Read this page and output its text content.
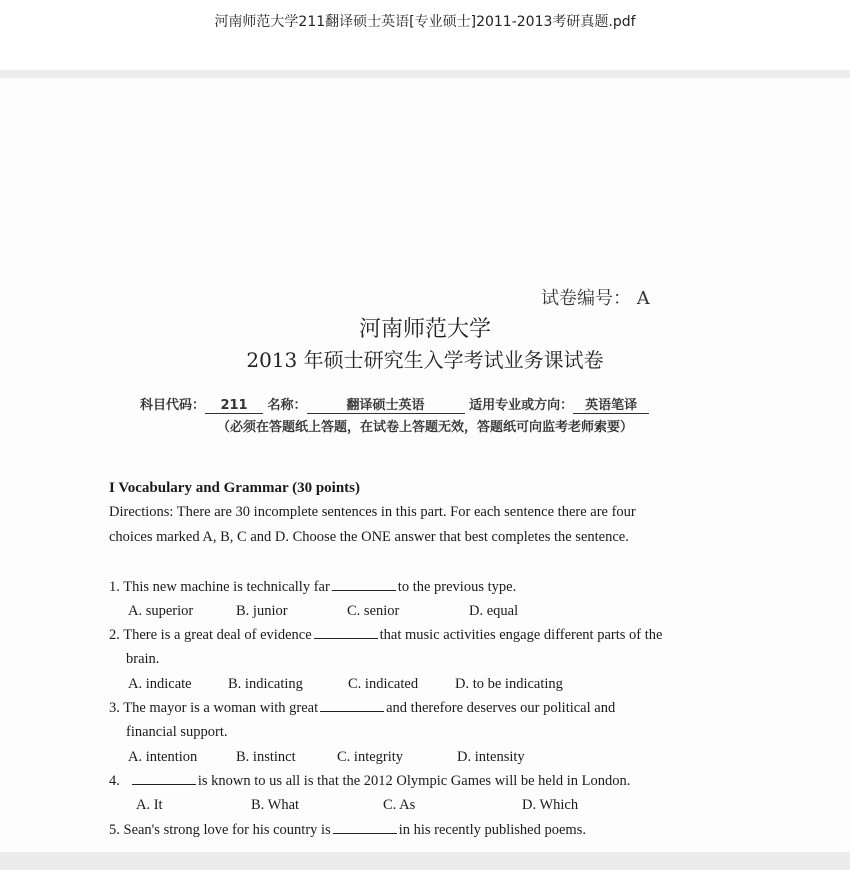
河南师范大学211翻译硕士英语[专业硕士]2011-2013考研真题.pdf
试卷编号： A
河南师范大学
2013 年硕士研究生入学考试业务课试卷
科目代码： 211 名称：	翻译硕士英语	适用专业或方向： 英语笔译
（必须在答题纸上答题，在试卷上答题无效，答题纸可向监考老师索要）
I Vocabulary and Grammar (30 points)
Directions: There are 30 incomplete sentences in this part. For each sentence there are four
choices marked A, B, C and D. Choose the ONE answer that best completes the sentence.
1. This new machine is technically far	to the previous type.
A. superior	B. junior	C. senior	D. equal
2. There is a great deal of evidence	that music activities engage different parts of the
brain.
A. indicate	B. indicating	C. indicated	D. to be indicating
3. The mayor is a woman with great	and therefore deserves our political and
financial support.
A. intention	B. instinct	C. integrity	D. intensity
4.	is known to us all is that the 2012 Olympic Games will be held in London.
A. It	B. What	C. As	D. Which
5. Sean's strong love for his country is	in his recently published poems.
